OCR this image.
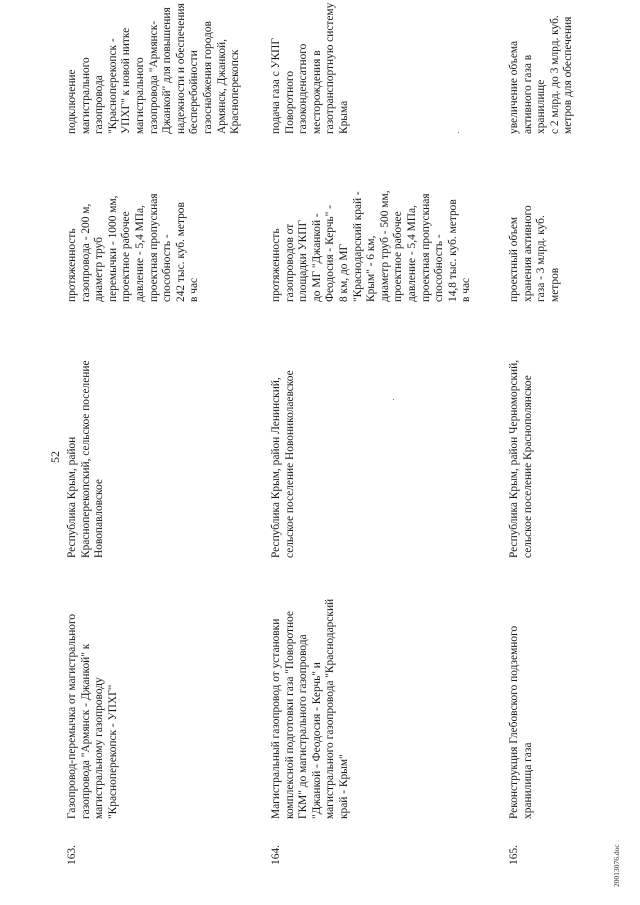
52
163.
Газопровод-перемычка от магистрального
газопровода "Армянск - Джанкой" к
магистральному газопроводу
"Красноперекопск - УПХГ"
Республика Крым, район
Красноперекопский, сельское поселение
Новопавловское
протяженность
газопровода - 200 м,
диаметр труб
перемычки - 1000 мм,
проектное рабочее
давление - 5,4 МПа,
проектная пропускная
способность -
242 тыс. куб. метров
в час
подключение
магистрального
газопровода
"Красноперекопск -
УПХГ" к новой нитке
магистрального
газопровода "Армянск-
Джанкой" для повышения
надежности и обеспечения
бесперебойности
газоснабжения городов
Армянск, Джанкой,
Красноперекопск
164.
Магистральный газопровод от установки
комплексной подготовки газа "Поворотное
ГКМ" до магистрального газопровода
"Джанкой - Феодосия - Керчь" и
магистрального газопровода "Краснодарский
край - Крым"
Республика Крым, район Ленинский,
сельское поселение Новониколаевское
протяженность
газопроводов от
площадки УКПГ
до МГ "Джанкой -
Феодосия - Керчь" -
8 км, до МГ
"Краснодарский край -
Крым" - 6 км,
диаметр труб - 500 мм,
проектное рабочее
давление - 5,4 МПа,
проектная пропускная
способность -
14,8 тыс. куб. метров
в час
подача газа с УКПГ
Поворотного
газоконденсатного
месторождения в
газотранспортную систему
Крыма
165.
Реконструкция Глебовского подземного
хранилища газа
Республика Крым, район Черноморский,
сельское поселение Краснополянское
проектный объем
хранения активного
газа - 3 млрд. куб.
метров
увеличение объема
активного газа в
хранилище
с 2 млрд. до 3 млрд. куб.
метров для обеспечения
20013076.doc
